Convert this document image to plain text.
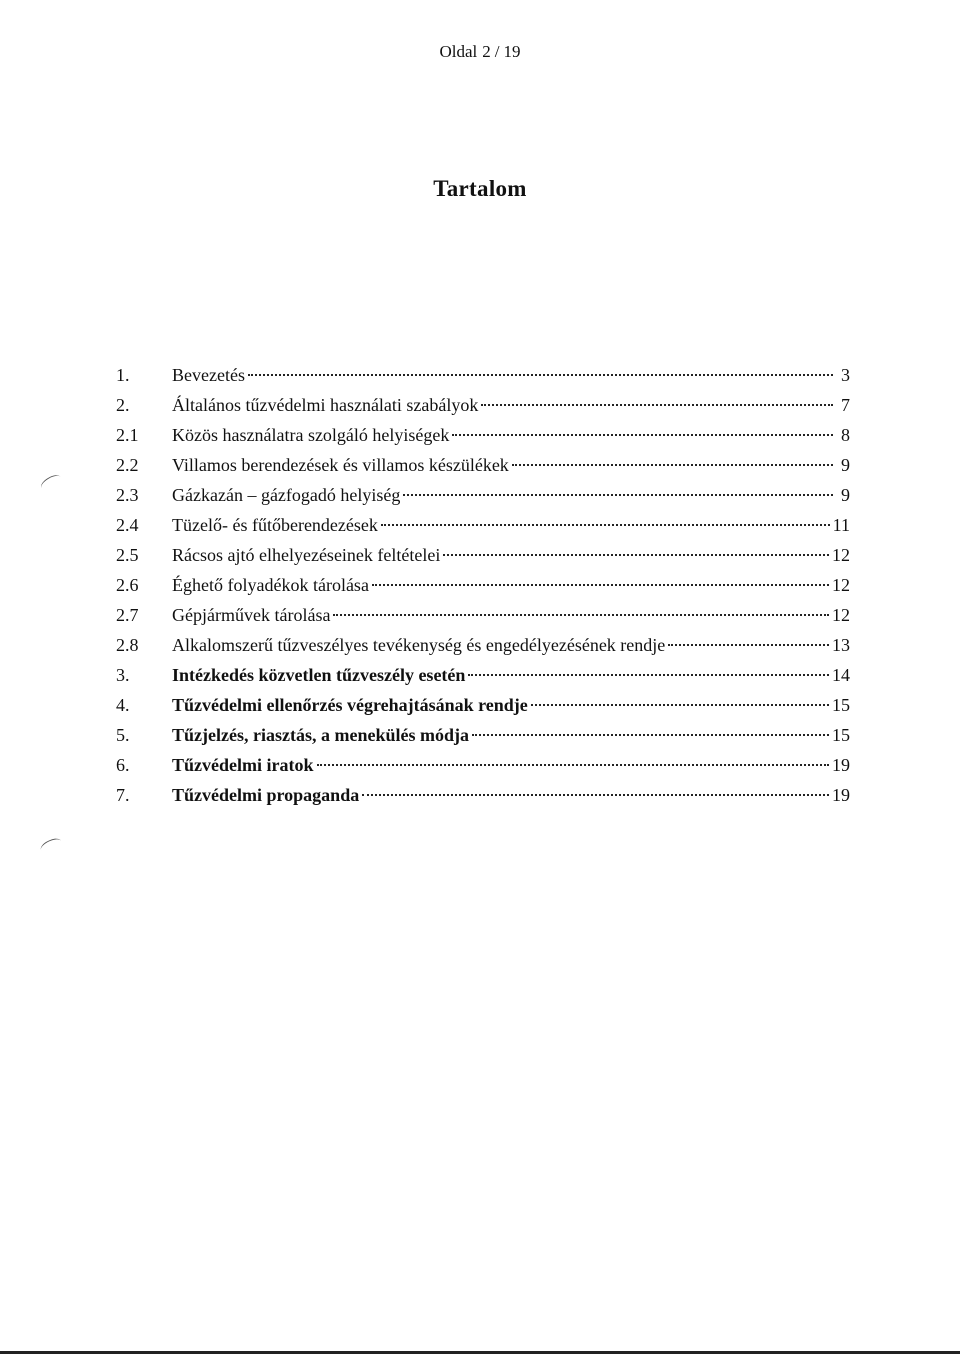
Oldal 2 / 19
Tartalom
1.	Bevezetés	3
2.	Általános tűzvédelmi használati szabályok	7
2.1	Közös használatra szolgáló helyiségek	8
2.2	Villamos berendezések és villamos készülékek	9
2.3	Gázkazán – gázfogadó helyiség	9
2.4	Tüzelő- és fűtőberendezések	11
2.5	Rácsos ajtó elhelyezéseinek feltételei	12
2.6	Éghető folyadékok tárolása	12
2.7	Gépjárművek tárolása	12
2.8	Alkalomszerű tűzveszélyes tevékenység és engedélyezésének rendje	13
3.	Intézkedés közvetlen tűzveszély esetén	14
4.	Tűzvédelmi ellenőrzés végrehajtásának rendje	15
5.	Tűzjelzés, riasztás, a menekülés módja	15
6.	Tűzvédelmi iratok	19
7.	Tűzvédelmi propaganda	19
